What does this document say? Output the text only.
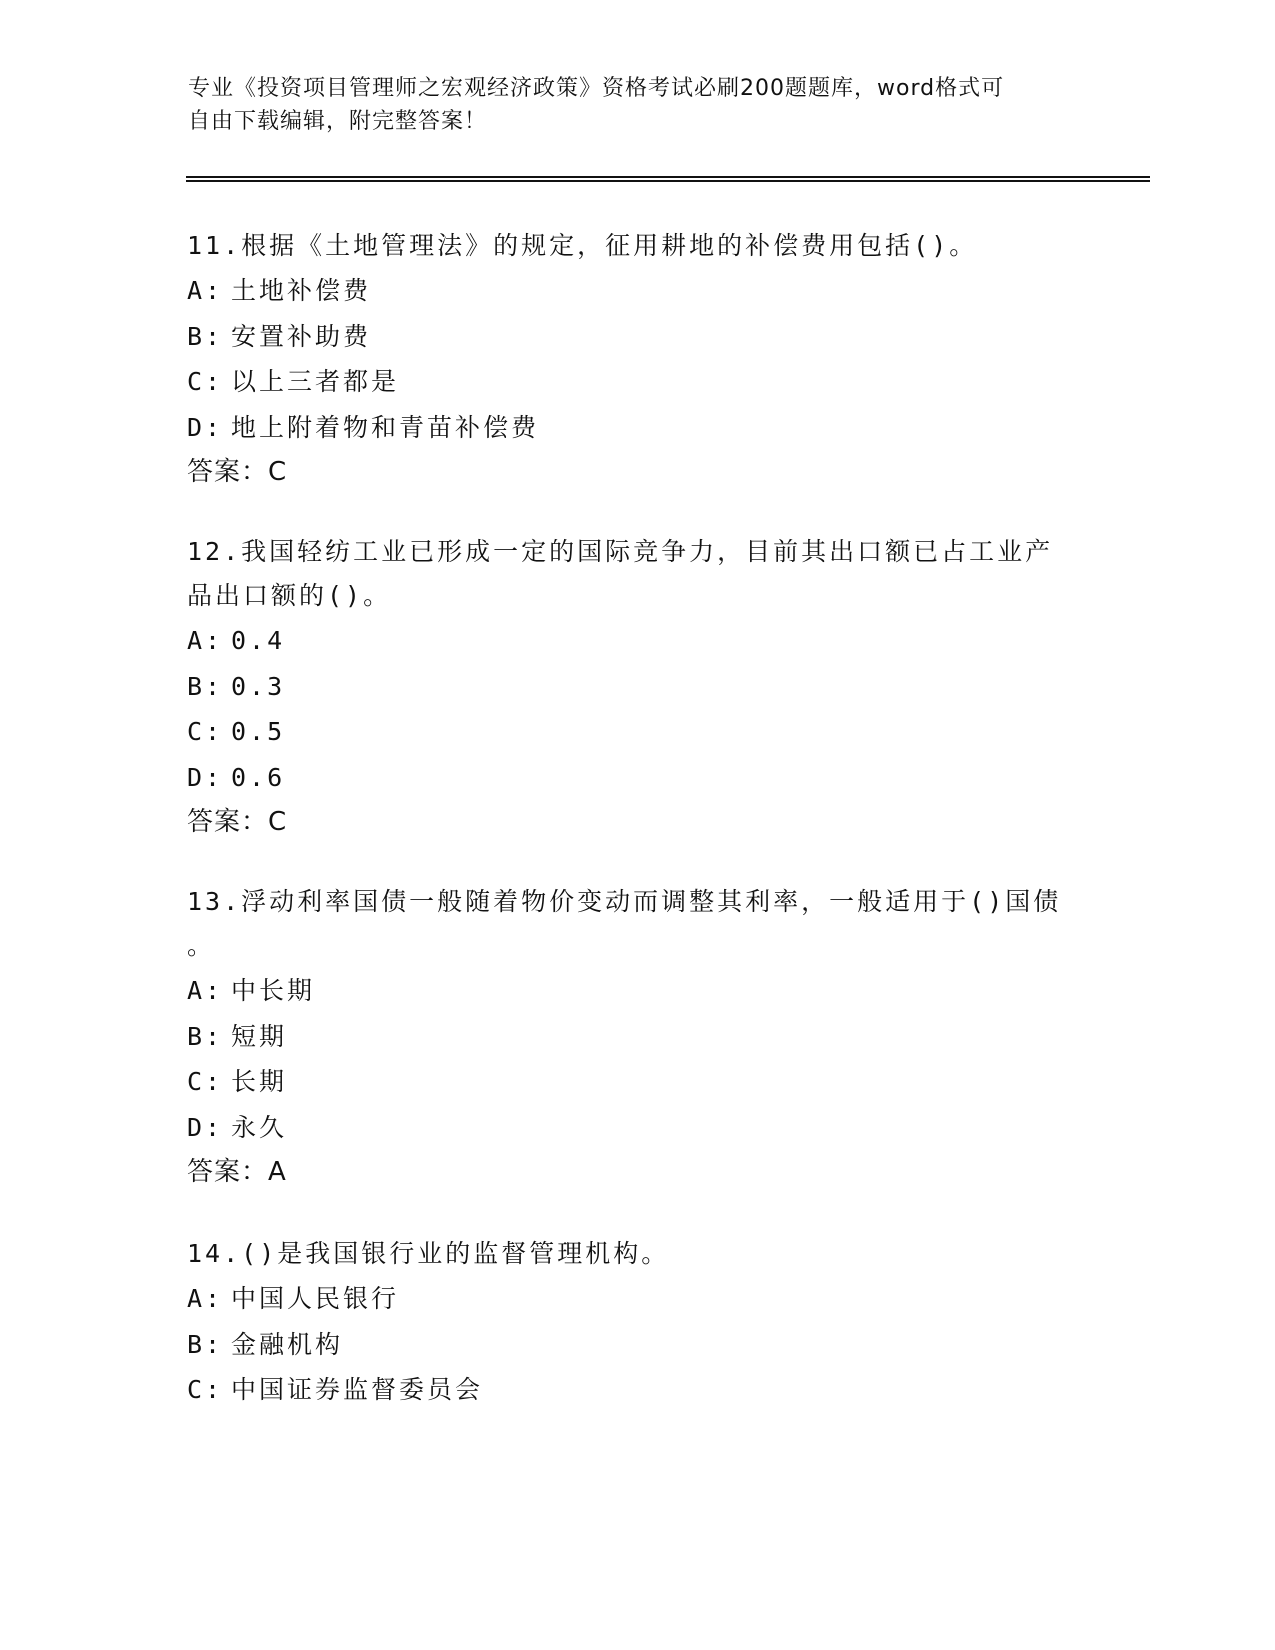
专业《投资项目管理师之宏观经济政策》资格考试必刷200题题库，word格式可
自由下载编辑，附完整答案！
11.根据《土地管理法》的规定，征用耕地的补偿费用包括()。
A: 土地补偿费
B: 安置补助费
C: 以上三者都是
D: 地上附着物和青苗补偿费
答案：C
12.我国轻纺工业已形成一定的国际竞争力，目前其出口额已占工业产
品出口额的()。
A: 0.4
B: 0.3
C: 0.5
D: 0.6
答案：C
13.浮动利率国债一般随着物价变动而调整其利率，一般适用于()国债
。
A: 中长期
B: 短期
C: 长期
D: 永久
答案：A
14.()是我国银行业的监督管理机构。
A: 中国人民银行
B: 金融机构
C: 中国证券监督委员会
